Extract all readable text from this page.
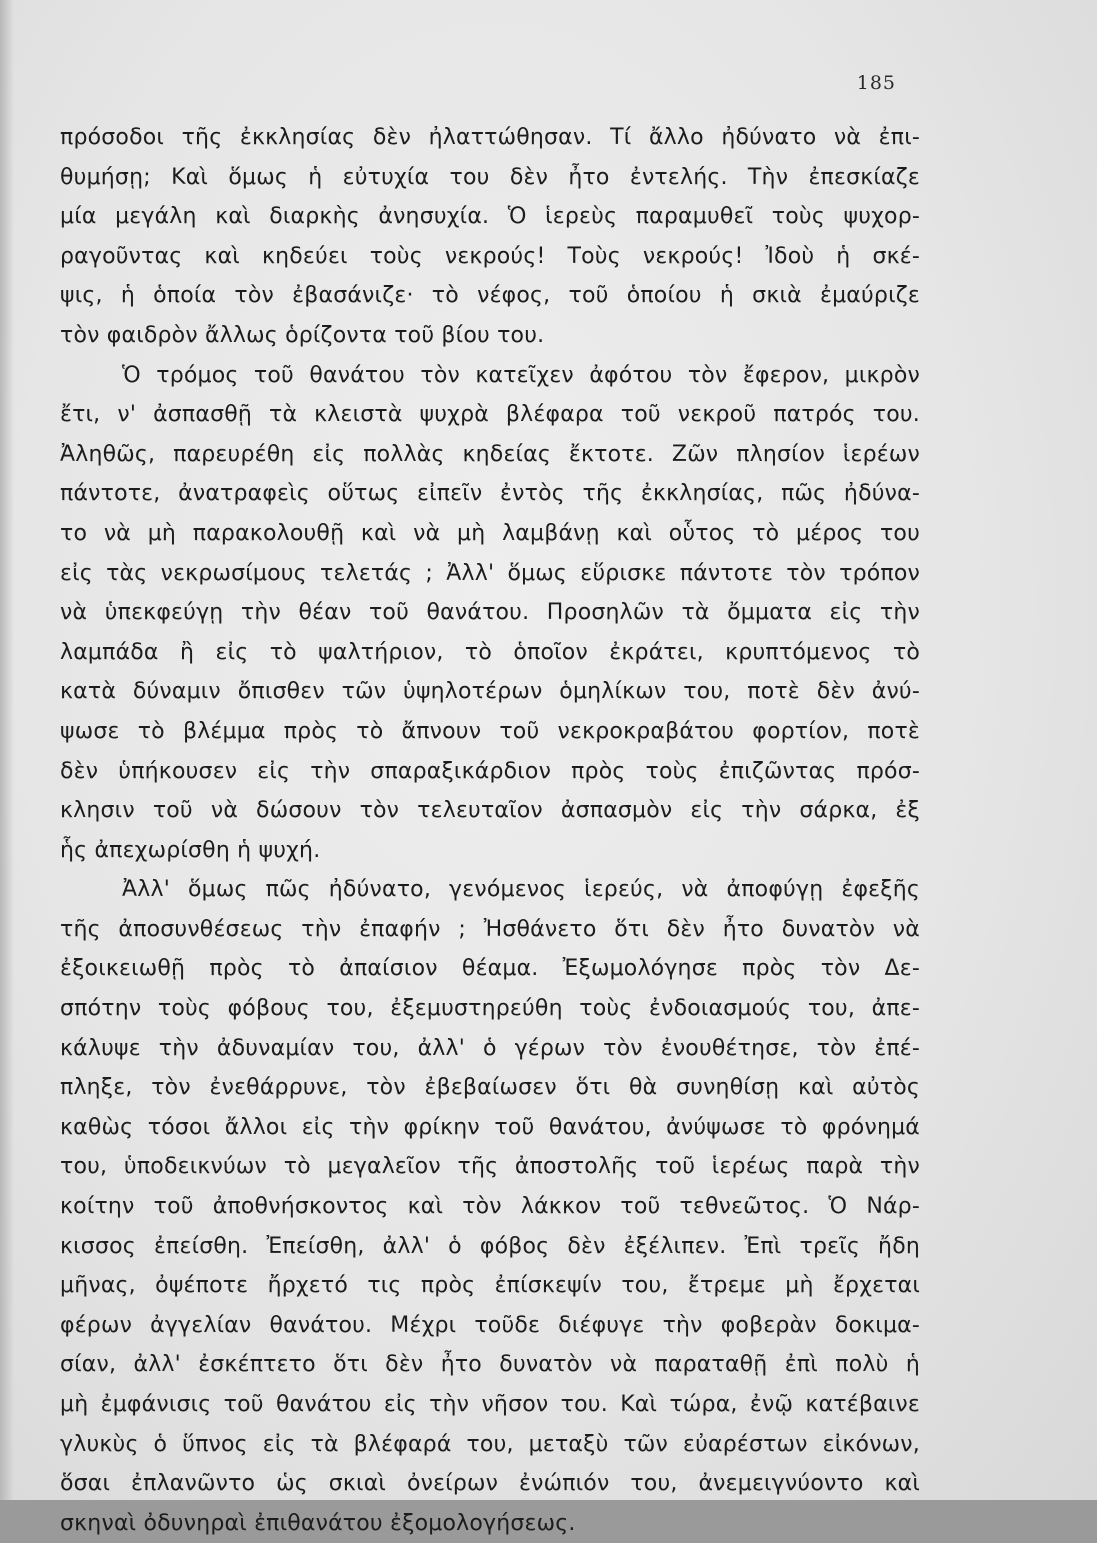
185
πρόσοδοι τῆς ἐκκλησίας δὲν ἠλαττώθησαν. Τί ἄλλο ἠδύνατο νὰ ἐπι-
θυμήσῃ; Καὶ ὅμως ἡ εὐτυχία του δὲν ἦτο ἐντελής. Τὴν ἐπεσκίαζε
μία μεγάλη καὶ διαρκὴς ἀνησυχία. Ὁ ἱερεὺς παραμυθεῖ τοὺς ψυχορ-
ραγοῦντας καὶ κηδεύει τοὺς νεκρούς! Τοὺς νεκρούς! Ἰδοὺ ἡ σκέ-
ψις, ἡ ὁποία τὸν ἐβασάνιζε· τὸ νέφος, τοῦ ὁποίου ἡ σκιὰ ἐμαύριζε
τὸν φαιδρὸν ἄλλως ὁρίζοντα τοῦ βίου του.
Ὁ τρόμος τοῦ θανάτου τὸν κατεῖχεν ἀφότου τὸν ἔφερον, μικρὸν
ἔτι, ν' ἀσπασθῇ τὰ κλειστὰ ψυχρὰ βλέφαρα τοῦ νεκροῦ πατρός του.
Ἀληθῶς, παρευρέθη εἰς πολλὰς κηδείας ἔκτοτε. Ζῶν πλησίον ἱερέων
πάντοτε, ἀνατραφεὶς οὕτως εἰπεῖν ἐντὸς τῆς ἐκκλησίας, πῶς ἠδύνα-
το νὰ μὴ παρακολουθῇ καὶ νὰ μὴ λαμβάνῃ καὶ οὗτος τὸ μέρος του
εἰς τὰς νεκρωσίμους τελετάς ; Ἀλλ' ὅμως εὕρισκε πάντοτε τὸν τρόπον
νὰ ὑπεκφεύγῃ τὴν θέαν τοῦ θανάτου. Προσηλῶν τὰ ὄμματα εἰς τὴν
λαμπάδα ἢ εἰς τὸ ψαλτήριον, τὸ ὁποῖον ἐκράτει, κρυπτόμενος τὸ
κατὰ δύναμιν ὄπισθεν τῶν ὑψηλοτέρων ὁμηλίκων του, ποτὲ δὲν ἀνύ-
ψωσε τὸ βλέμμα πρὸς τὸ ἄπνουν τοῦ νεκροκραβάτου φορτίον, ποτὲ
δὲν ὑπήκουσεν εἰς τὴν σπαραξικάρδιον πρὸς τοὺς ἐπιζῶντας πρόσ-
κλησιν τοῦ νὰ δώσουν τὸν τελευταῖον ἀσπασμὸν εἰς τὴν σάρκα, ἐξ
ἧς ἀπεχωρίσθη ἡ ψυχή.
Ἀλλ' ὅμως πῶς ἠδύνατο, γενόμενος ἱερεύς, νὰ ἀποφύγῃ ἐφεξῆς
τῆς ἀποσυνθέσεως τὴν ἐπαφήν ; Ἠσθάνετο ὅτι δὲν ἦτο δυνατὸν νὰ
ἐξοικειωθῇ πρὸς τὸ ἀπαίσιον θέαμα. Ἐξωμολόγησε πρὸς τὸν Δε-
σπότην τοὺς φόβους του, ἐξεμυστηρεύθη τοὺς ἐνδοιασμούς του, ἀπε-
κάλυψε τὴν ἀδυναμίαν του, ἀλλ' ὁ γέρων τὸν ἐνουθέτησε, τὸν ἐπέ-
πληξε, τὸν ἐνεθάρρυνε, τὸν ἐβεβαίωσεν ὅτι θὰ συνηθίσῃ καὶ αὐτὸς
καθὼς τόσοι ἄλλοι εἰς τὴν φρίκην τοῦ θανάτου, ἀνύψωσε τὸ φρόνημά
του, ὑποδεικνύων τὸ μεγαλεῖον τῆς ἀποστολῆς τοῦ ἱερέως παρὰ τὴν
κοίτην τοῦ ἀποθνήσκοντος καὶ τὸν λάκκον τοῦ τεθνεῶτος. Ὁ Νάρ-
κισσος ἐπείσθη. Ἐπείσθη, ἀλλ' ὁ φόβος δὲν ἐξέλιπεν. Ἐπὶ τρεῖς ἤδη
μῆνας, ὀψέποτε ἤρχετό τις πρὸς ἐπίσκεψίν του, ἔτρεμε μὴ ἔρχεται
φέρων ἀγγελίαν θανάτου. Μέχρι τοῦδε διέφυγε τὴν φοβερὰν δοκιμα-
σίαν, ἀλλ' ἐσκέπτετο ὅτι δὲν ἦτο δυνατὸν νὰ παραταθῇ ἐπὶ πολὺ ἡ
μὴ ἐμφάνισις τοῦ θανάτου εἰς τὴν νῆσον του. Καὶ τώρα, ἐνῷ κατέβαινε
γλυκὺς ὁ ὕπνος εἰς τὰ βλέφαρά του, μεταξὺ τῶν εὐαρέστων εἰκόνων,
ὅσαι ἐπλανῶντο ὡς σκιαὶ ὀνείρων ἐνώπιόν του, ἀνεμειγνύοντο καὶ
σκηναὶ ὀδυνηραὶ ἐπιθανάτου ἐξομολογήσεως.
